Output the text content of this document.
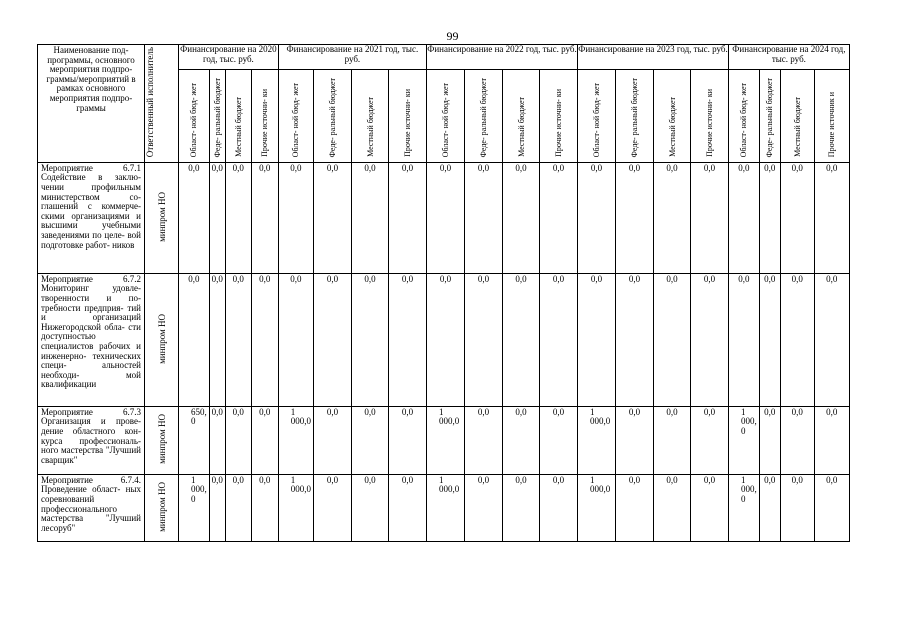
99
Наименование под- программы, основного мероприятия подпро- граммы/мероприятий в рамках основного мероприятия подпро- граммы	Ответственный исполнитель	Финансирование на 2020 год, тыс. руб.				Финансирование на 2021 год, тыс. руб.				Финансирование на 2022 год, тыс. руб.				Финансирование на 2023 год, тыс. руб.				Финансирование на 2024 год, тыс. руб.			
		Област- ной бюд- жет	Феде- ральный бюджет	Местный бюджет	Прочие источни- ки	Област- ной бюд- жет	Феде- ральный бюджет	Местный бюджет	Прочие источни- ки	Област- ной бюд- жет	Феде- ральный бюджет	Местный бюджет	Прочие источни- ки	Област- ной бюд- жет	Феде- ральный бюджет	Местный бюджет	Прочие источни- ки	Област- ной бюд- жет	Феде- ральный бюджет	Местный бюджет	Прочие источник и
Мероприятие 6.7.1 Содействие в заклю- чении профильным министерством со- глашений с коммерче- скими организациями и высшими учебными заведениями по целе- вой подготовке работ- ников	минпром НО	0,0	0,0	0,0	0,0	0,0	0,0	0,0	0,0	0,0	0,0	0,0	0,0	0,0	0,0	0,0	0,0	0,0	0,0	0,0	0,0
Мероприятие 6.7.2 Мониторинг удовле- творенности и по- требности предприя- тий и организаций Нижегородской обла- сти доступностью специалистов рабочих и инженерно- технических специ- альностей необходи- мой квалификации	минпром НО	0,0	0,0	0,0	0,0	0,0	0,0	0,0	0,0	0,0	0,0	0,0	0,0	0,0	0,0	0,0	0,0	0,0	0,0	0,0	0,0
Мероприятие 6.7.3 Организация и прове- дение областного кон- курса профессиональ- ного мастерства "Лучший сварщик"	минпром НО	650, 0	0,0	0,0	0,0	1 000,0	0,0	0,0	0,0	1 000,0	0,0	0,0	0,0	1 000,0	0,0	0,0	0,0	1 000, 0	0,0	0,0	0,0
Мероприятие 6.7.4. Проведение област- ных соревнований профессионального мастерства "Лучший лесоруб"	минпром НО	1 000, 0	0,0	0,0	0,0	1 000,0	0,0	0,0	0,0	1 000,0	0,0	0,0	0,0	1 000,0	0,0	0,0	0,0	1 000, 0	0,0	0,0	0,0
